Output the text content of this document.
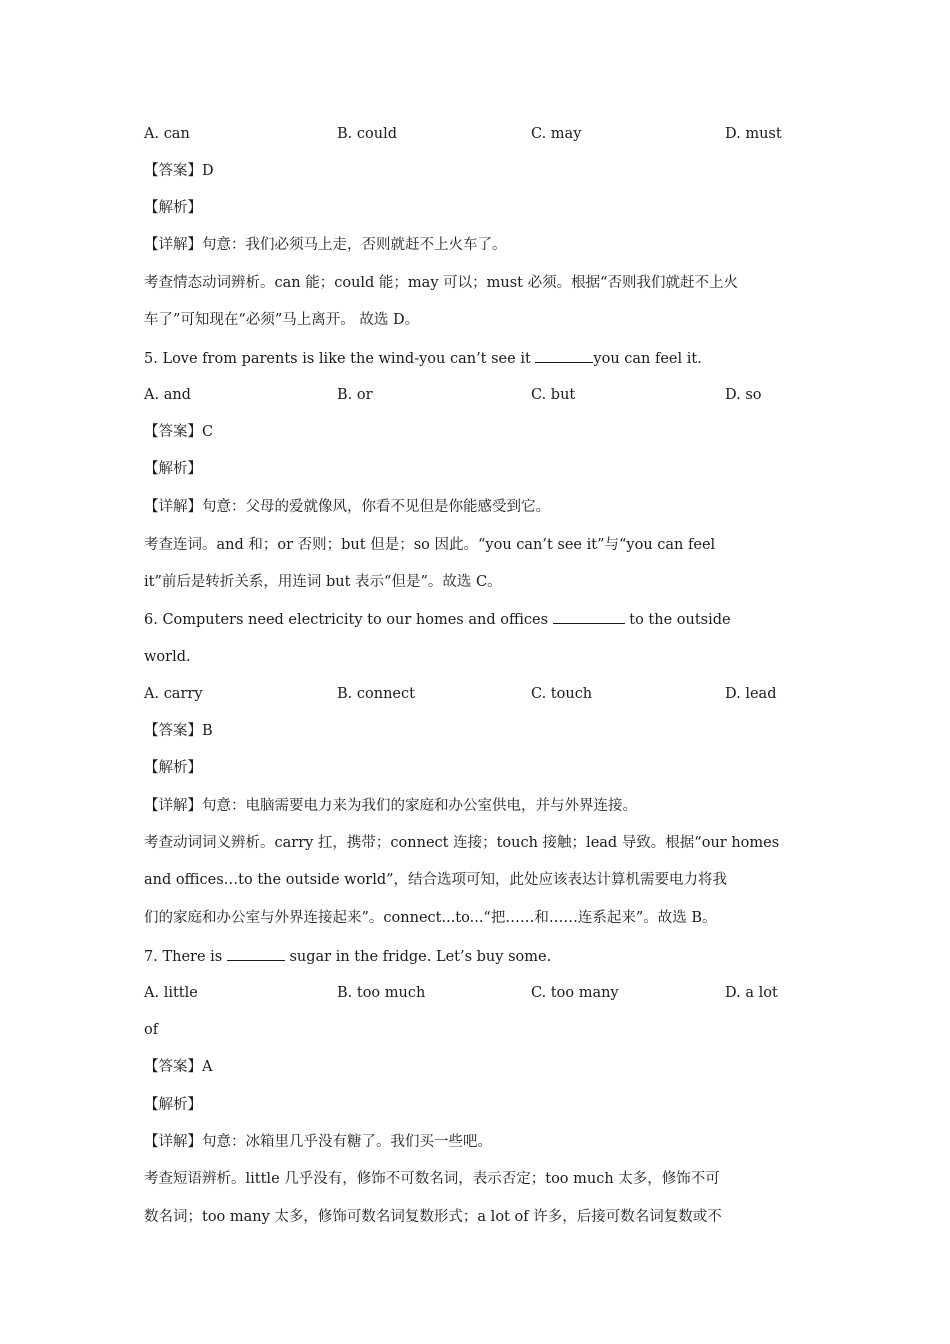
A. can	B. could	C. may	D. must
【答案】D
【解析】
【详解】句意：我们必须马上走，否则就赶不上火车了。
考查情态动词辨析。can 能；could 能；may 可以；must 必须。根据“否则我们就赶不上火
车了”可知现在“必须”马上离开。 故选 D。
5. Love from parents is like the wind-you can’t see it	you can feel it.
A. and	B. or	C. but	D. so
【答案】C
【解析】
【详解】句意：父母的爱就像风，你看不见但是你能感受到它。
考查连词。and 和；or 否则；but 但是；so 因此。“you can’t see it”与“you can feel
it”前后是转折关系，用连词 but 表示“但是”。故选 C。
6. Computers need electricity to our homes and offices	to the outside
world.
A. carry	B. connect	C. touch	D. lead
【答案】B
【解析】
【详解】句意：电脑需要电力来为我们的家庭和办公室供电，并与外界连接。
考查动词词义辨析。carry 扛，携带；connect 连接；touch 接触；lead 导致。根据“our homes
and offices…to the outside world”，结合选项可知，此处应该表达计算机需要电力将我
们的家庭和办公室与外界连接起来”。connect...to...“把……和……连系起来”。故选 B。
7. There is	sugar in the fridge. Let’s buy some.
A. little	B. too much	C. too many	D. a lot
of
【答案】A
【解析】
【详解】句意：冰箱里几乎没有糖了。我们买一些吧。
考查短语辨析。little 几乎没有，修饰不可数名词，表示否定；too much 太多，修饰不可
数名词；too many 太多，修饰可数名词复数形式；a lot of 许多，后接可数名词复数或不
